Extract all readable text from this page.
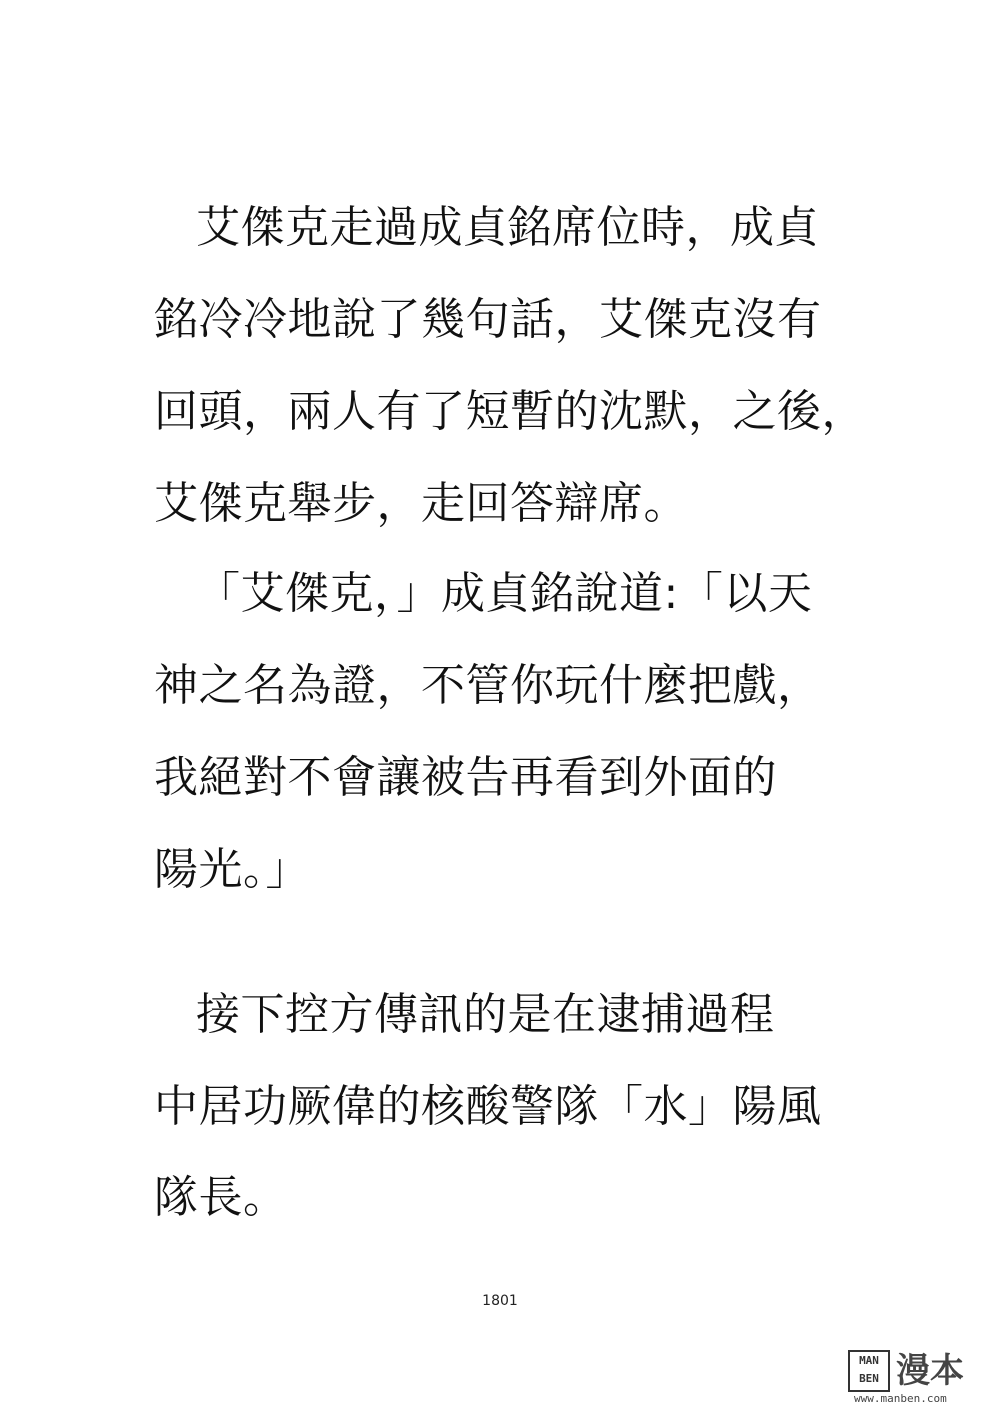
艾傑克走過成貞銘席位時，成貞
銘冷冷地說了幾句話，艾傑克沒有
回頭，兩人有了短暫的沈默，之後，
艾傑克舉步，走回答辯席。
「艾傑克，」成貞銘說道:「以天
神之名為證，不管你玩什麼把戲，
我絕對不會讓被告再看到外面的
陽光。」
接下控方傳訊的是在逮捕過程
中居功厥偉的核酸警隊「水」陽風
隊長。
1801
MAN BEN 漫本
www.manben.com
